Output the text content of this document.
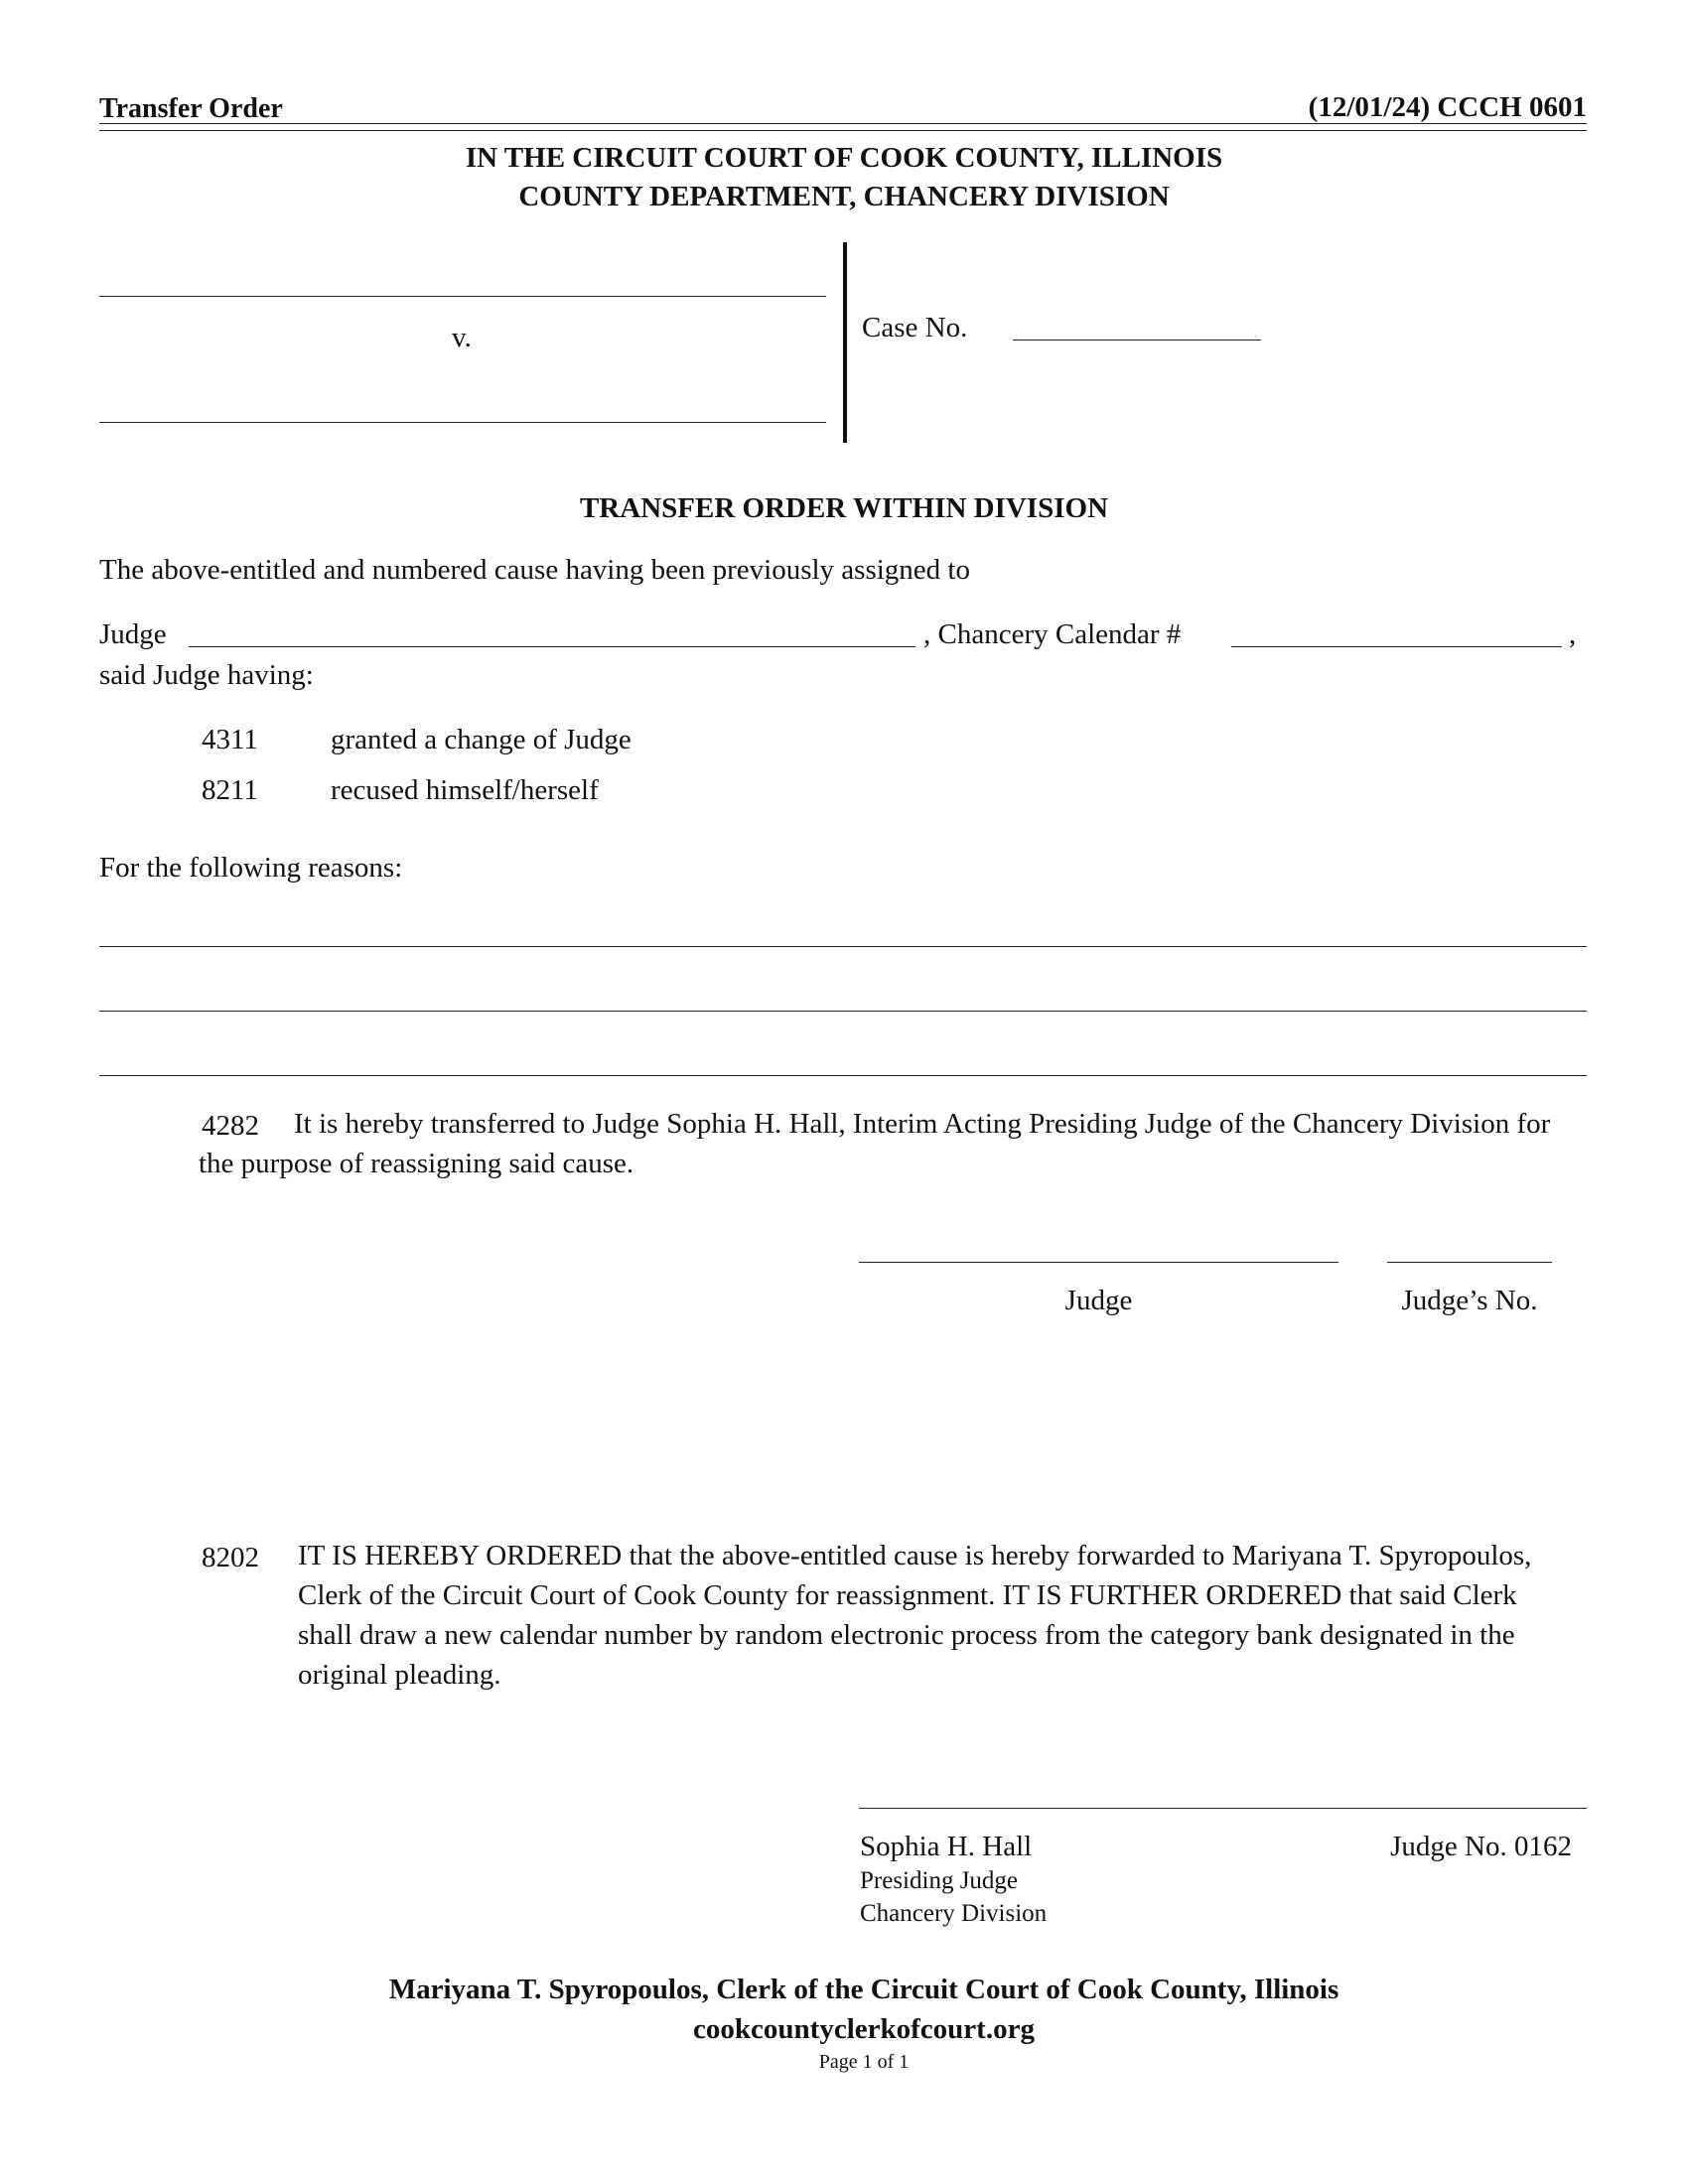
Transfer Order	(12/01/24) CCCH 0601
IN THE CIRCUIT COURT OF COOK COUNTY, ILLINOIS
COUNTY DEPARTMENT, CHANCERY DIVISION
v.	Case No.
TRANSFER ORDER WITHIN DIVISION
The above-entitled and numbered cause having been previously assigned to
Judge	, Chancery Calendar #	,
said Judge having:
4311	granted a change of Judge
8211	recused himself/herself
For the following reasons:
4282	It is hereby transferred to Judge Sophia H. Hall, Interim Acting Presiding Judge of the Chancery Division for the purpose of reassigning said cause.
Judge	Judge’s No.
8202 IT IS HEREBY ORDERED that the above-entitled cause is hereby forwarded to Mariyana T. Spyropoulos, Clerk of the Circuit Court of Cook County for reassignment. IT IS FURTHER ORDERED that said Clerk shall draw a new calendar number by random electronic process from the category bank designated in the original pleading.
Sophia H. Hall
Presiding Judge
Chancery Division
Judge No. 0162
Mariyana T. Spyropoulos, Clerk of the Circuit Court of Cook County, Illinois
cookcountyclerkofcourt.org
Page 1 of 1
